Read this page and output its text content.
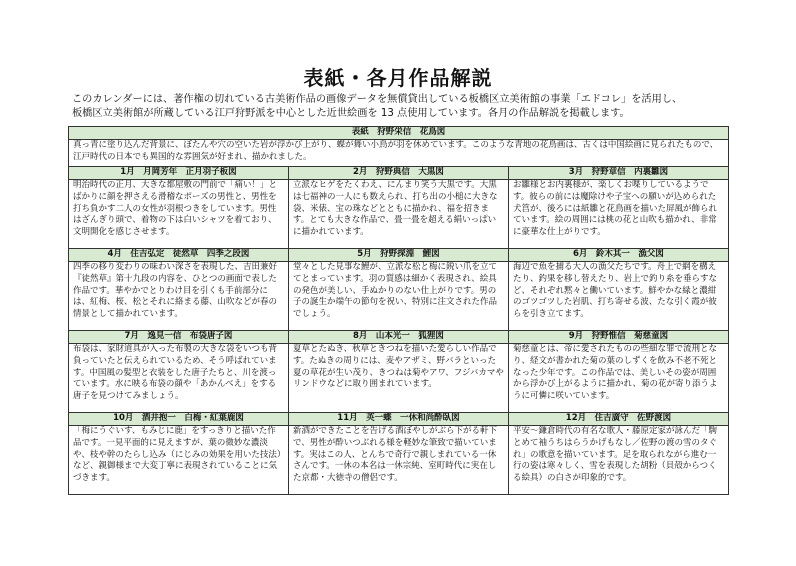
表紙・各月作品解説
このカレンダーには、著作権の切れている古美術作品の画像データを無償貸出している板橋区立美術館の事業「エドコレ」を活用し、
板橋区立美術館が所蔵している江戸狩野派を中心とした近世絵画を 13 点使用しています。各月の作品解説を掲載します。
表紙　狩野栄信　花鳥図		
真っ青に塗り込んだ背景に、ぼたんや穴の空いた岩が浮かび上がり、蝶が舞い小鳥が羽を休めています。このような青地の花鳥画は、古くは中国絵画に見られたもので、江戸時代の日本でも異国的な雰囲気が好まれ、描かれました。		
1月　月岡芳年　正月羽子板図	2月　狩野典信　大黒図	3月　狩野章信　内裏雛図
明治時代の正月、大きな都屋敷の門前で「痛い！」とばかりに顔を押さえる滑稽なポーズの男性と、男性を打ち負かす二人の女性が羽根つきをしています。男性はざんぎり頭で、着物の下は白いシャツを着ており、文明開化を感じさせます。	立派なヒゲをたくわえ、にんまり笑う大黒です。大黒は七福神の一人にも数えられ、打ち出の小槌に大きな袋、米俵、宝の珠などとともに描かれ、福を招きます。とても大きな作品で、畳一畳を超える絹いっぱいに描かれています。	お雛様とお内裏様が、楽しくお喋りしているようです。彼らの前には魔除けや子宝への願いが込められた犬筥が、後ろには紙雛と花鳥画を描いた屏風が飾られています。絵の周囲には桃の花と山吹も描かれ、非常に豪華な仕上がりです。
4月　住吉弘定　徒然草　四季之段図	5月　狩野探淵　鯉図	6月　鈴木其一　漁父図
四季の移り変わりの味わい深さを表現した、吉田兼好『徒然草』第十九段の内容を、ひとつの画面で表した作品です。華やかでとりわけ目を引くも手前部分には、紅梅、桜、松とそれに絡まる藤、山吹などが春の情景として描かれています。	堂々とした見事な鯉が、立派な松と梅に鋭い爪を立ててとまっています。羽の質感は細かく表現され、絵具の発色が美しい、手ぬかりのない仕上がりです。男の子の誕生か端午の節句を祝い、特別に注文された作品でしょう。	海辺で魚を捕る大人の漁父たちです。舟上で網を構えたり、釣果を移し替えたり、岩上で釣り糸を垂らすなど、それぞれ黙々と働いています。鮮やかな緑と濃紺のゴツゴツした岩肌、打ち寄せる波、たな引く霞が彼らを引き立てます。
7月　逸見一信　布袋唐子図	8月　山本光一　狐狸図	9月　狩野惟信　菊慈童図
布袋は、家財道具が入った布製の大きな袋をいつも背負っていたと伝えられているため、そう呼ばれています。中国風の髪型と衣装をした唐子たちと、川を渡っています。水に映る布袋の顔や「あかんべえ」をする唐子を見つけてみましょう。	夏草とたぬき、秋草ときつねを描いた愛らしい作品です。たぬきの周りには、麦やアザミ、野バラといった夏の草花が生い茂り、きつねは菊やアワ、フジバカマやリンドウなどに取り囲まれています。	菊慈童とは、帝に愛されたものの些細な罪で流刑となり、経文が書かれた菊の葉のしずくを飲み不老不死となった少年です。この作品では、美しいその姿が周囲から浮かび上がるように描かれ、菊の花が寄り添うように可憐に咲いています。
10月　酒井抱一　白梅・紅葉鹿図	11月　英一蝶　一休和尚酔臥図	12月　住吉廣守　佐野渡図
「梅にうぐいす、もみじに鹿」をすっきりと描いた作品です。一見平面的に見えますが、葉の微妙な濃淡や、枝や幹のたらし込み（にじみの効果を用いた技法）など、親御様まで大変丁寧に表現されていることに気づきます。	新酒ができたことを告げる酒ぼやしがぶら下がる軒下で、男性が酔いつぶれる様を軽妙な筆致で描いています。実はこの人、とんちで奇行で親しまれている一休さんです。一休の本名は一休宗純、室町時代に実在した京都・大徳寺の僧侶です。	平安～鎌倉時代の有名な歌人・藤原定家が詠んだ「駒とめて袖うちはらうかげもなし／佐野の渡の雪のタぐれ」の歌意を描いています。足を取られながら進む一行の姿は寒々しく、雪を表現した胡粉（貝殻からつくる絵具）の白さが印象的です。
